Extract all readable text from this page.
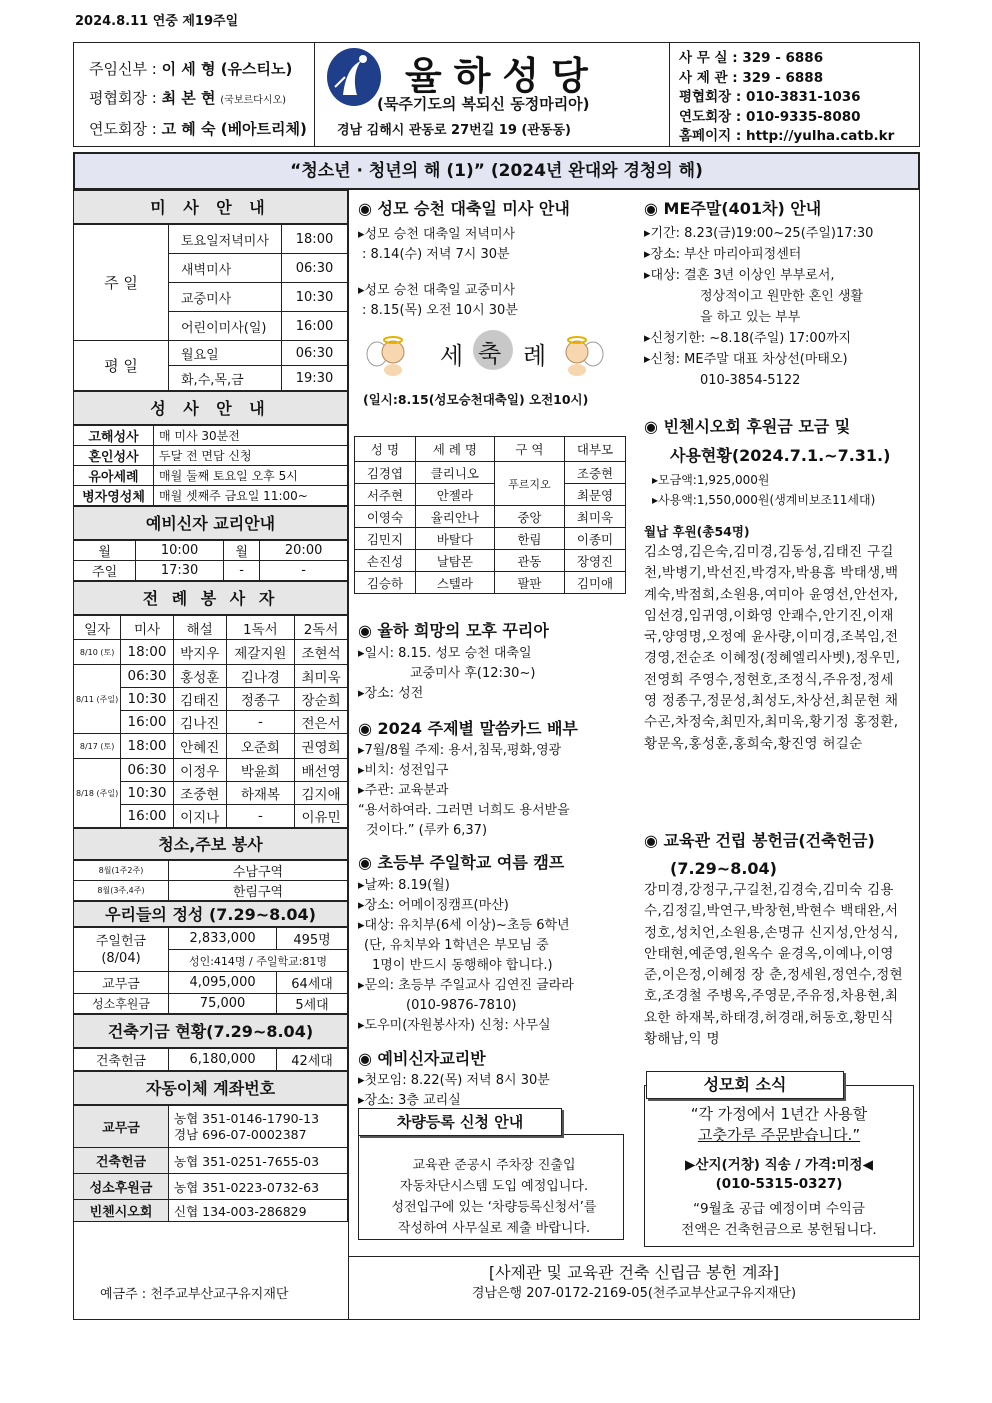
2024.8.11 연중 제19주일
주임신부 : 이 세 형 (유스티노)
평협회장 : 최 본 현 (국보르다시오)
연도회장 : 고 혜 숙 (베아트리체)
율하성당
(묵주기도의 복되신 동정마리아)
경남 김해시 관동로 27번길 19 (관동동)
사 무 실 : 329 - 6886
사 제 관 : 329 - 6888
평협회장 : 010-3831-1036
연도회장 : 010-9335-8080
홈페이지 : http://yulha.catb.kr
“청소년 · 청년의 해 (1)” (2024년 완대와 경청의 해)
미 사 안 내
주 일	토요일저녁미사	18:00
	새벽미사	06:30
	교중미사	10:30
	어린이미사(일)	16:00
평 일	월요일	06:30
	화,수,목,금	19:30
성 사 안 내
고해성사	매 미사 30분전
혼인성사	두달 전 면담 신청
유아세례	매월 둘째 토요일 오후 5시
병자영성체	매월 셋째주 금요일 11:00~
예비신자 교리안내
월	10:00	월	20:00
주일	17:30	-	-
전 례 봉 사 자
일자	미사	해설	1독서	2독서
8/10 (토)	18:00	박지우	제갈지원	조현석
8/11 (주일)	06:30	홍성훈	김나경	최미욱
	10:30	김태진	정종구	장순희
	16:00	김나진	-	전은서
8/17 (토)	18:00	안혜진	오준희	권영희
8/18 (주일)	06:30	이정우	박윤희	배선영
	10:30	조중현	하재복	김지애
	16:00	이지나	-	이유민
청소,주보 봉사
8월(1주2주)	수남구역
8월(3주,4주)	한림구역
우리들의 정성 (7.29~8.04)
주일헌금
(8/04)	2,833,000	495명
	성인:414명 / 주일학교:81명	
교무금	4,095,000	64세대
성소후원금	75,000	5세대
건축기금 현황(7.29~8.04)
건축헌금	6,180,000	42세대
자동이체 계좌번호
교무금	농협 351-0146-1790-13
경남 696-07-0002387

건축헌금	농협 351-0251-7655-03
성소후원금	농협 351-0223-0732-63
빈첸시오회	신협 134-003-286829
예금주 : 천주교부산교구유지재단
◉ 성모 승천 대축일 미사 안내
▸성모 승천 대축일 저녁미사
: 8.14(수) 저녁 7시 30분
▸성모 승천 대축일 교중미사
: 8.15(목) 오전 10시 30분
세 축 례
(일시:8.15(성모승천대축일) 오전10시)
성 명	세 례 명	구 역	대부모
김경엽	클리니오	푸르지오	조중현
서주현	안젤라		최문영
이영숙	율리안나	중앙	최미욱
김민지	바탈다	한림	이종미
손진성	날탐몬	관동	장영진
김승하	스텔라	팔판	김미애
◉ 율하 희망의 모후 꾸리아
▸일시: 8.15. 성모 승천 대축일
교중미사 후(12:30~)
▸장소: 성전
◉ 2024 주제별 말씀카드 배부
▸7월/8월 주제: 용서,침묵,평화,영광
▸비치: 성전입구
▸주관: 교육분과
“용서하여라. 그러면 너희도 용서받을
것이다.” (루카 6,37)
◉ 초등부 주일학교 여름 캠프
▸날짜: 8.19(월)
▸장소: 어메이징캠프(마산)
▸대상: 유치부(6세 이상)~초등 6학년
(단, 유치부와 1학년은 부모님 중
1명이 반드시 동행해야 합니다.)
▸문의: 초등부 주일교사 김연진 글라라
(010-9876-7810)
▸도우미(자원봉사자) 신청: 사무실
◉ 예비신자교리반
▸첫모임: 8.22(목) 저녁 8시 30분
▸장소: 3층 교리실
교육관 준공시 주차장 진출입
자동차단시스템 도입 예정입니다.
성전입구에 있는 ‘차량등록신청서’를
작성하여 사무실로 제출 바랍니다.
차량등록 신청 안내
◉ ME주말(401차) 안내
▸기간: 8.23(금)19:00~25(주일)17:30
▸장소: 부산 마리아피정센터
▸대상: 결혼 3년 이상인 부부로서,
정상적이고 원만한 혼인 생활
을 하고 있는 부부
▸신청기한: ~8.18(주일) 17:00까지
▸신청: ME주말 대표 차상선(마태오)
010-3854-5122
◉ 빈첸시오회 후원금 모금 및
사용현황(2024.7.1.~7.31.)
▸모금액:1,925,000원
▸사용액:1,550,000원(생계비보조11세대)
월납 후원(총54명)
김소영,김은숙,김미경,김동성,김태진 구길천,박병기,박선진,박경자,박용흠 박태생,백계숙,박점희,소원용,여미아 윤영선,안선자,임선경,임귀영,이화영 안쾌수,안기진,이재국,양영명,오정예 윤사량,이미경,조복임,전경영,전순조 이혜정(정혜엘리사벳),정우민,전영희 주영수,정현호,조정식,주유정,정세영 정종구,정문성,최성도,차상선,최문현 채수곤,차정숙,최민자,최미욱,황기정 홍정환,황문옥,홍성훈,홍희숙,황진영 허길순
◉ 교육관 건립 봉헌금(건축헌금)
(7.29~8.04)
강미경,강정구,구길천,김경숙,김미숙 김용수,김정길,박연구,박창현,박현수 백태완,서정호,성치언,소원용,손명규 신지성,안성식,안태현,예준영,원옥수 윤경옥,이예나,이영준,이은정,이혜정 장 춘,정세원,정연수,정현호,조경철 주병옥,주영문,주유정,차용현,최요한 하재복,하태경,허경래,허동호,황민식 황해남,익 명
“각 가정에서 1년간 사용할
고춧가루 주문받습니다.”
▶산지(거창) 직송 / 가격:미정◀
(010-5315-0327)
“9월초 공급 예정이며 수익금
전액은 건축헌금으로 봉헌됩니다.
성모회 소식
[사제관 및 교육관 건축 신립금 봉헌 계좌]
경남은행 207-0172-2169-05(천주교부산교구유지재단)
